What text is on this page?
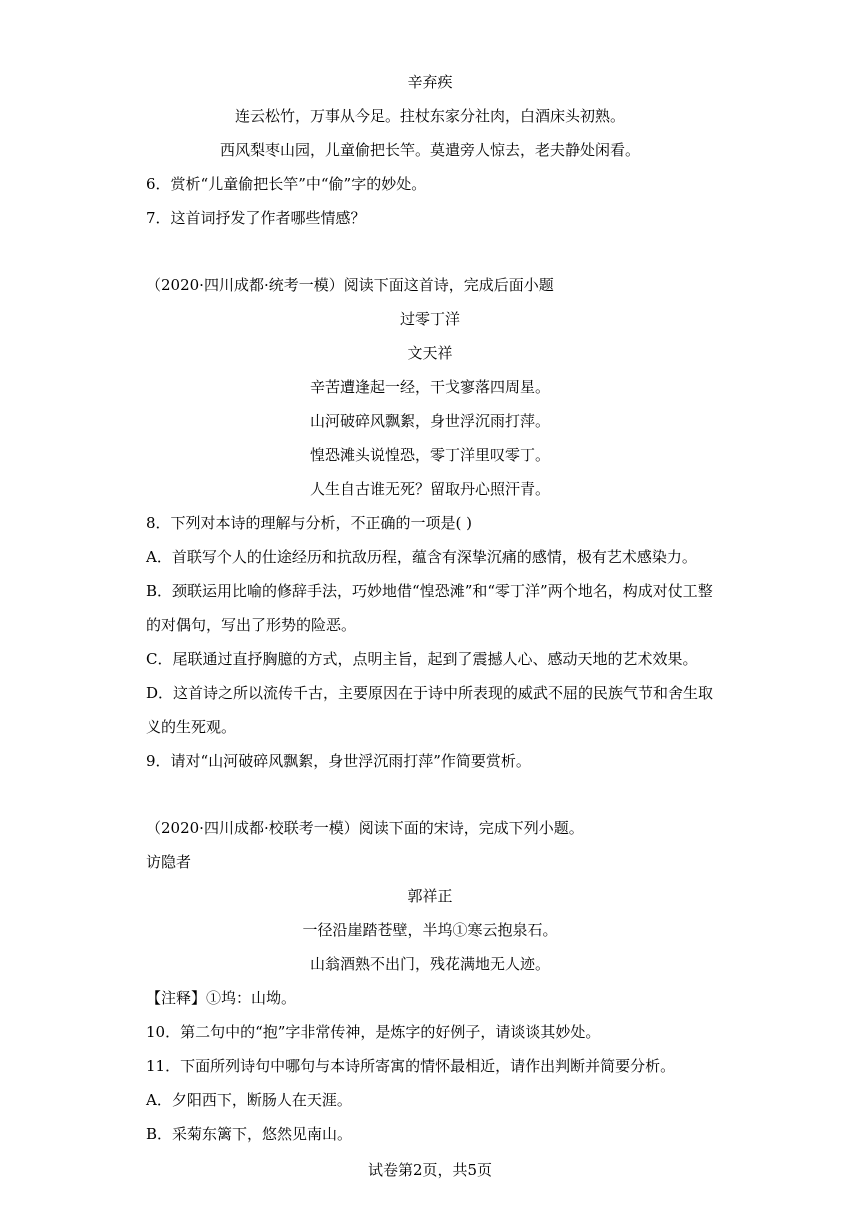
辛弃疾
连云松竹，万事从今足。拄杖东家分社肉，白酒床头初熟。
西风梨枣山园，儿童偷把长竿。莫遣旁人惊去，老夫静处闲看。
6．赏析“儿童偷把长竿”中“偷”字的妙处。
7．这首词抒发了作者哪些情感？
（2020·四川成都·统考一模）阅读下面这首诗，完成后面小题
过零丁洋
文天祥
辛苦遭逢起一经，干戈寥落四周星。
山河破碎风飘絮，身世浮沉雨打萍。
惶恐滩头说惶恐，零丁洋里叹零丁。
人生自古谁无死？留取丹心照汗青。
8．下列对本诗的理解与分析，不正确的一项是( )
A．首联写个人的仕途经历和抗敌历程，蕴含有深挚沉痛的感情，极有艺术感染力。
B．颈联运用比喻的修辞手法，巧妙地借“惶恐滩”和“零丁洋”两个地名，构成对仗工整
的对偶句，写出了形势的险恶。
C．尾联通过直抒胸臆的方式，点明主旨，起到了震撼人心、感动天地的艺术效果。
D．这首诗之所以流传千古，主要原因在于诗中所表现的威武不屈的民族气节和舍生取
义的生死观。
9．请对“山河破碎风飘絮，身世浮沉雨打萍”作简要赏析。
（2020·四川成都·校联考一模）阅读下面的宋诗，完成下列小题。
访隐者
郭祥正
一径沿崖踏苍壁，半坞①寒云抱泉石。
山翁酒熟不出门，残花满地无人迹。
【注释】①坞：山坳。
10．第二句中的“抱”字非常传神，是炼字的好例子，请谈谈其妙处。
11．下面所列诗句中哪句与本诗所寄寓的情怀最相近，请作出判断并简要分析。
A．夕阳西下，断肠人在天涯。
B．采菊东篱下，悠然见南山。
试卷第2页，共5页
